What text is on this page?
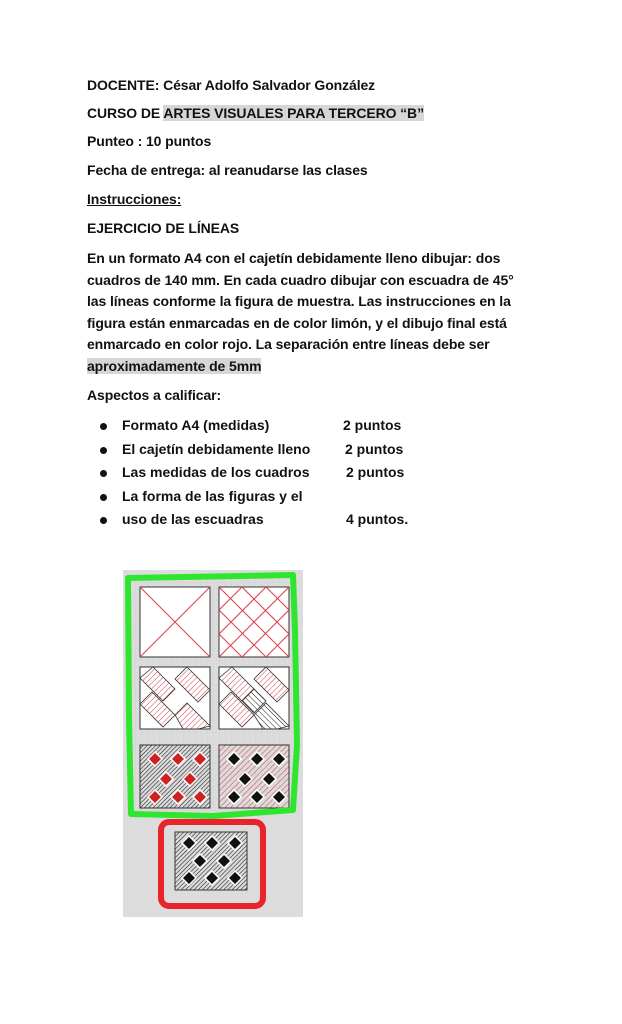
DOCENTE: César Adolfo Salvador González
CURSO DE ARTES VISUALES PARA TERCERO “B”
Punteo : 10 puntos
Fecha de entrega: al reanudarse las clases
Instrucciones:
EJERCICIO DE LÍNEAS
En un formato A4 con el cajetín debidamente lleno dibujar: dos
cuadros de 140 mm. En cada cuadro dibujar con escuadra de 45°
las líneas conforme la figura de muestra. Las instrucciones en la
figura están enmarcadas en de color limón, y el dibujo final está
enmarcado en color rojo. La separación entre líneas debe ser
aproximadamente de 5mm
Aspectos a calificar:
Formato A4 (medidas)	2 puntos
El cajetín debidamente lleno 2 puntos
Las medidas de los cuadros	2 puntos
La forma de las figuras y el
uso de las escuadras	4 puntos.
